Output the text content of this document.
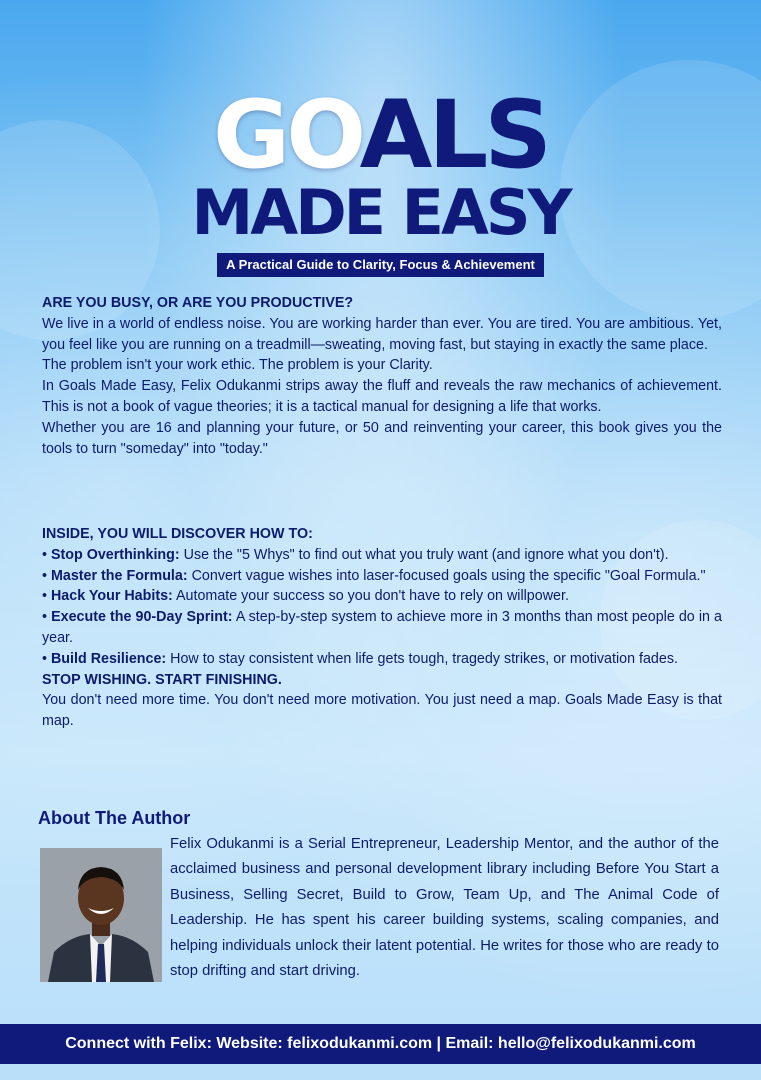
GOALS
MADE EASY
A Practical Guide to Clarity, Focus & Achievement

ARE YOU BUSY, OR ARE YOU PRODUCTIVE?

We live in a world of endless noise. You are working harder than ever. You are tired. You are ambitious. Yet, you feel like you are running on a treadmill—sweating, moving fast, but staying in exactly the same place.

The problem isn't your work ethic. The problem is your Clarity.

In Goals Made Easy, Felix Odukanmi strips away the fluff and reveals the raw mechanics of achievement. This is not a book of vague theories; it is a tactical manual for designing a life that works.

Whether you are 16 and planning your future, or 50 and reinventing your career, this book gives you the tools to turn "someday" into "today."

INSIDE, YOU WILL DISCOVER HOW TO:

• Stop Overthinking: Use the "5 Whys" to find out what you truly want (and ignore what you don't).

• Master the Formula: Convert vague wishes into laser-focused goals using the specific "Goal Formula."

• Hack Your Habits: Automate your success so you don't have to rely on willpower.

• Execute the 90-Day Sprint: A step-by-step system to achieve more in 3 months than most people do in a year.

• Build Resilience: How to stay consistent when life gets tough, tragedy strikes, or motivation fades.

STOP WISHING. START FINISHING.

You don't need more time. You don't need more motivation. You just need a map. Goals Made Easy is that map.

About The Author
Felix Odukanmi is a Serial Entrepreneur, Leadership Mentor, and the author of the acclaimed business and personal development library including Before You Start a Business, Selling Secret, Build to Grow, Team Up, and The Animal Code of Leadership. He has spent his career building systems, scaling companies, and helping individuals unlock their latent potential. He writes for those who are ready to stop drifting and start driving.
Connect with Felix: Website: felixodukanmi.com | Email: hello@felixodukanmi.com
